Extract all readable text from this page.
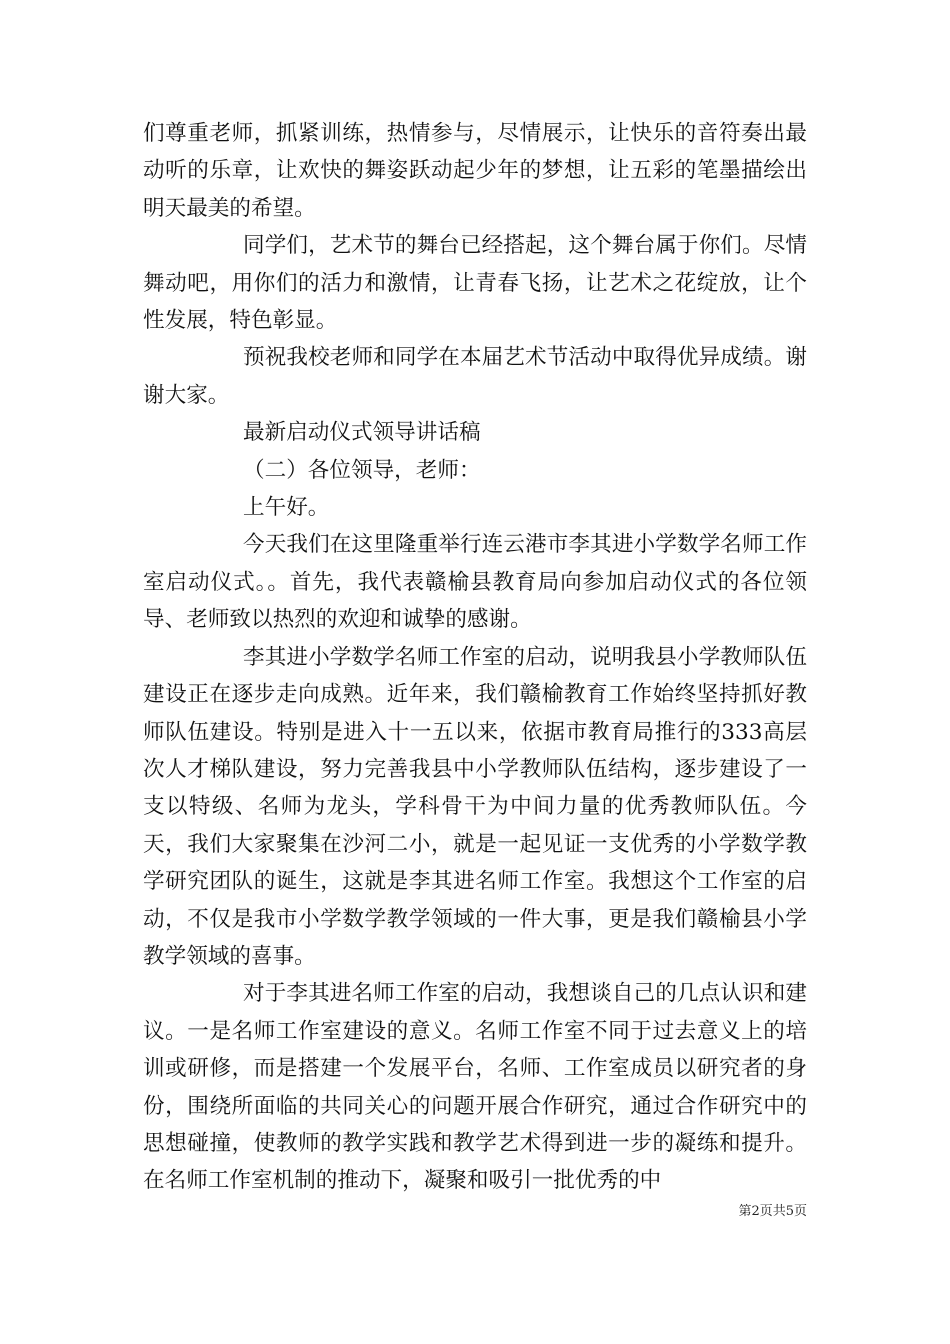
们尊重老师，抓紧训练，热情参与，尽情展示，让快乐的音符奏出最动听的乐章，让欢快的舞姿跃动起少年的梦想，让五彩的笔墨描绘出明天最美的希望。

同学们，艺术节的舞台已经搭起，这个舞台属于你们。尽情舞动吧，用你们的活力和激情，让青春飞扬，让艺术之花绽放，让个性发展，特色彰显。

预祝我校老师和同学在本届艺术节活动中取得优异成绩。谢谢大家。

最新启动仪式领导讲话稿

（二）各位领导，老师：

上午好。

今天我们在这里隆重举行连云港市李其进小学数学名师工作室启动仪式。。首先，我代表赣榆县教育局向参加启动仪式的各位领导、老师致以热烈的欢迎和诚挚的感谢。

李其进小学数学名师工作室的启动，说明我县小学教师队伍建设正在逐步走向成熟。近年来，我们赣榆教育工作始终坚持抓好教师队伍建设。特别是进入十一五以来，依据市教育局推行的333高层次人才梯队建设，努力完善我县中小学教师队伍结构，逐步建设了一支以特级、名师为龙头，学科骨干为中间力量的优秀教师队伍。今天，我们大家聚集在沙河二小，就是一起见证一支优秀的小学数学教学研究团队的诞生，这就是李其进名师工作室。我想这个工作室的启动，不仅是我市小学数学教学领域的一件大事，更是我们赣榆县小学教学领域的喜事。

对于李其进名师工作室的启动，我想谈自己的几点认识和建议。一是名师工作室建设的意义。名师工作室不同于过去意义上的培训或研修，而是搭建一个发展平台，名师、工作室成员以研究者的身份，围绕所面临的共同关心的问题开展合作研究，通过合作研究中的思想碰撞，使教师的教学实践和教学艺术得到进一步的凝练和提升。在名师工作室机制的推动下，凝聚和吸引一批优秀的中

第2页共5页
